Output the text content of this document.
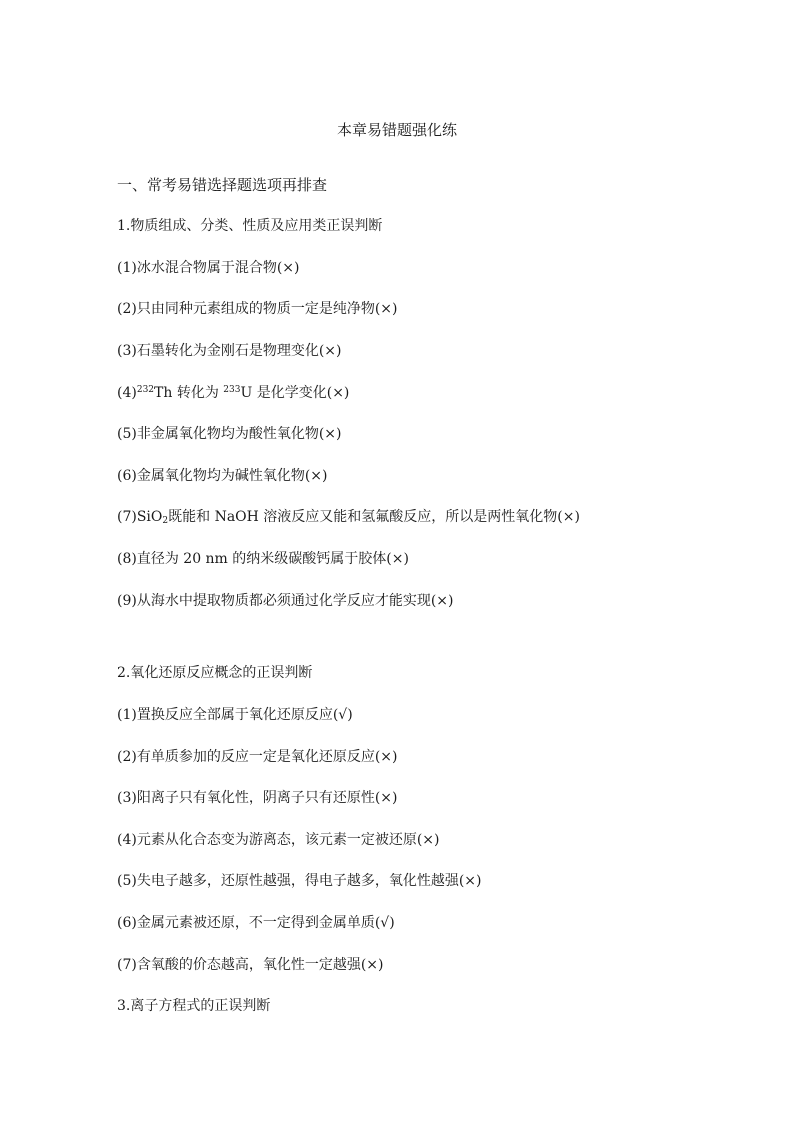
本章易错题强化练
一、常考易错选择题选项再排查
1.物质组成、分类、性质及应用类正误判断
(1)冰水混合物属于混合物(×)
(2)只由同种元素组成的物质一定是纯净物(×)
(3)石墨转化为金刚石是物理变化(×)
$(4)^{232}Th$ 转化为 $^{233}$U 是化学变化(×)
(5)非金属氧化物均为酸性氧化物(×)
(6)金属氧化物均为碱性氧化物(×)
(7)SiO$_2$既能和 NaOH 溶液反应又能和氢氟酸反应，所以是两性氧化物(×)
(8)直径为 20 nm 的纳米级碳酸钙属于胶体(×)
(9)从海水中提取物质都必须通过化学反应才能实现(×)
2.氧化还原反应概念的正误判断
(1)置换反应全部属于氧化还原反应(√)
(2)有单质参加的反应一定是氧化还原反应(×)
(3)阳离子只有氧化性，阴离子只有还原性(×)
(4)元素从化合态变为游离态，该元素一定被还原(×)
(5)失电子越多，还原性越强，得电子越多，氧化性越强(×)
(6)金属元素被还原，不一定得到金属单质(√)
(7)含氧酸的价态越高，氧化性一定越强(×)
3.离子方程式的正误判断
